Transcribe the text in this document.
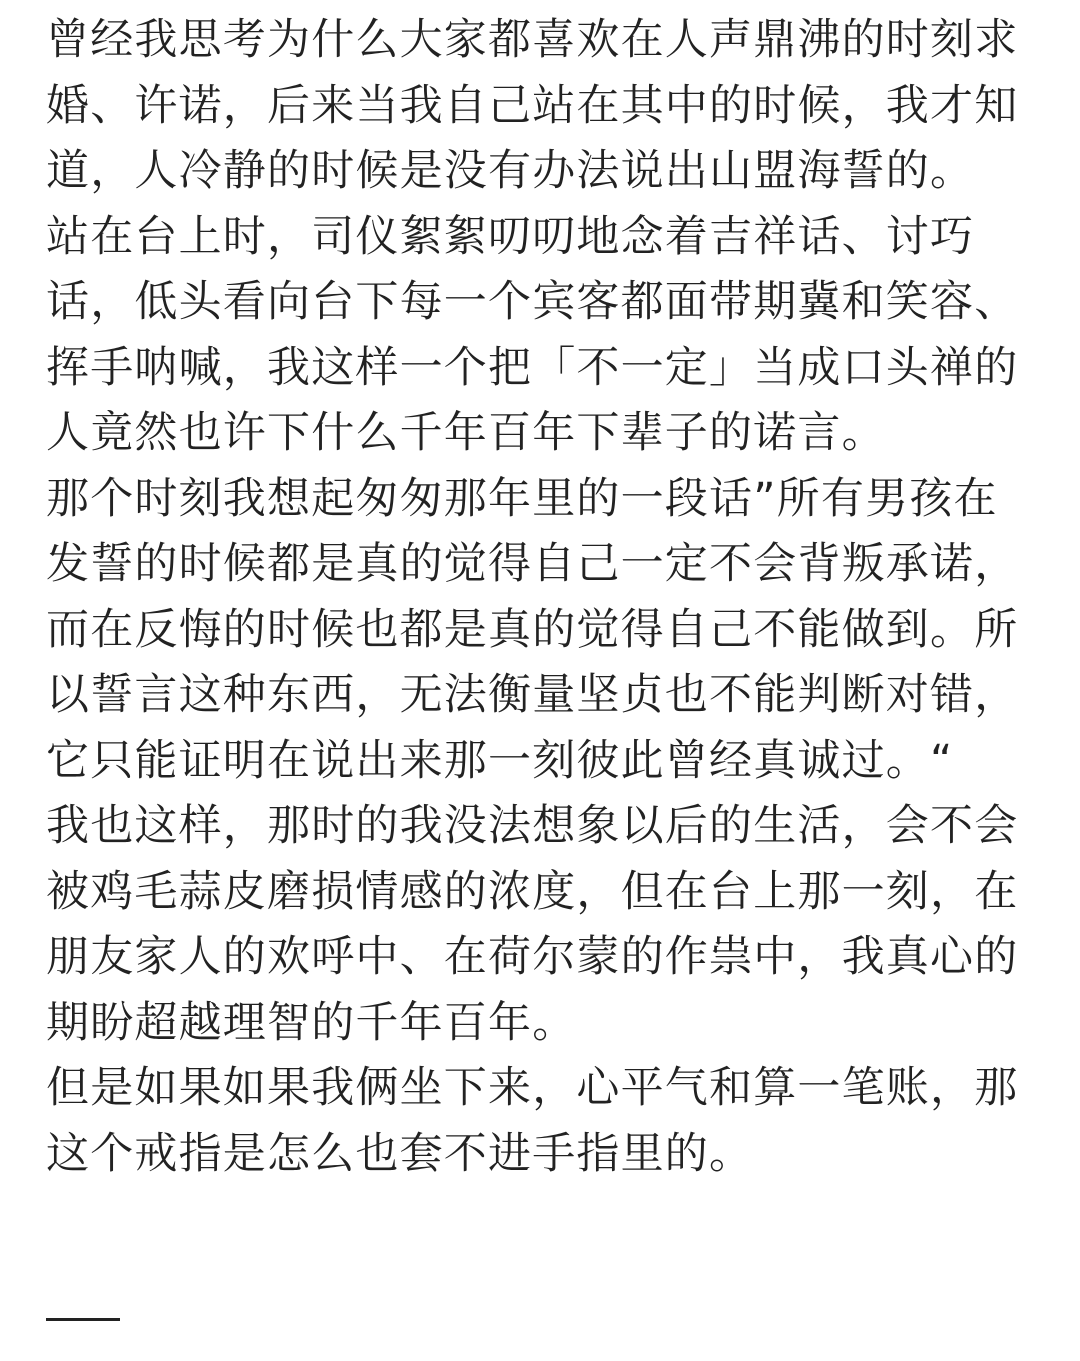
曾经我思考为什么大家都喜欢在人声鼎沸的时刻求
婚、许诺，后来当我自己站在其中的时候，我才知
道，人冷静的时候是没有办法说出山盟海誓的。
站在台上时，司仪絮絮叨叨地念着吉祥话、讨巧
话，低头看向台下每一个宾客都面带期冀和笑容、
挥手呐喊，我这样一个把「不一定」当成口头禅的
人竟然也许下什么千年百年下辈子的诺言。
那个时刻我想起匆匆那年里的一段话”所有男孩在
发誓的时候都是真的觉得自己一定不会背叛承诺，
而在反悔的时候也都是真的觉得自己不能做到。所
以誓言这种东西，无法衡量坚贞也不能判断对错，
它只能证明在说出来那一刻彼此曾经真诚过。“
我也这样，那时的我没法想象以后的生活，会不会
被鸡毛蒜皮磨损情感的浓度，但在台上那一刻，在
朋友家人的欢呼中、在荷尔蒙的作祟中，我真心的
期盼超越理智的千年百年。
但是如果如果我俩坐下来，心平气和算一笔账，那
这个戒指是怎么也套不进手指里的。
